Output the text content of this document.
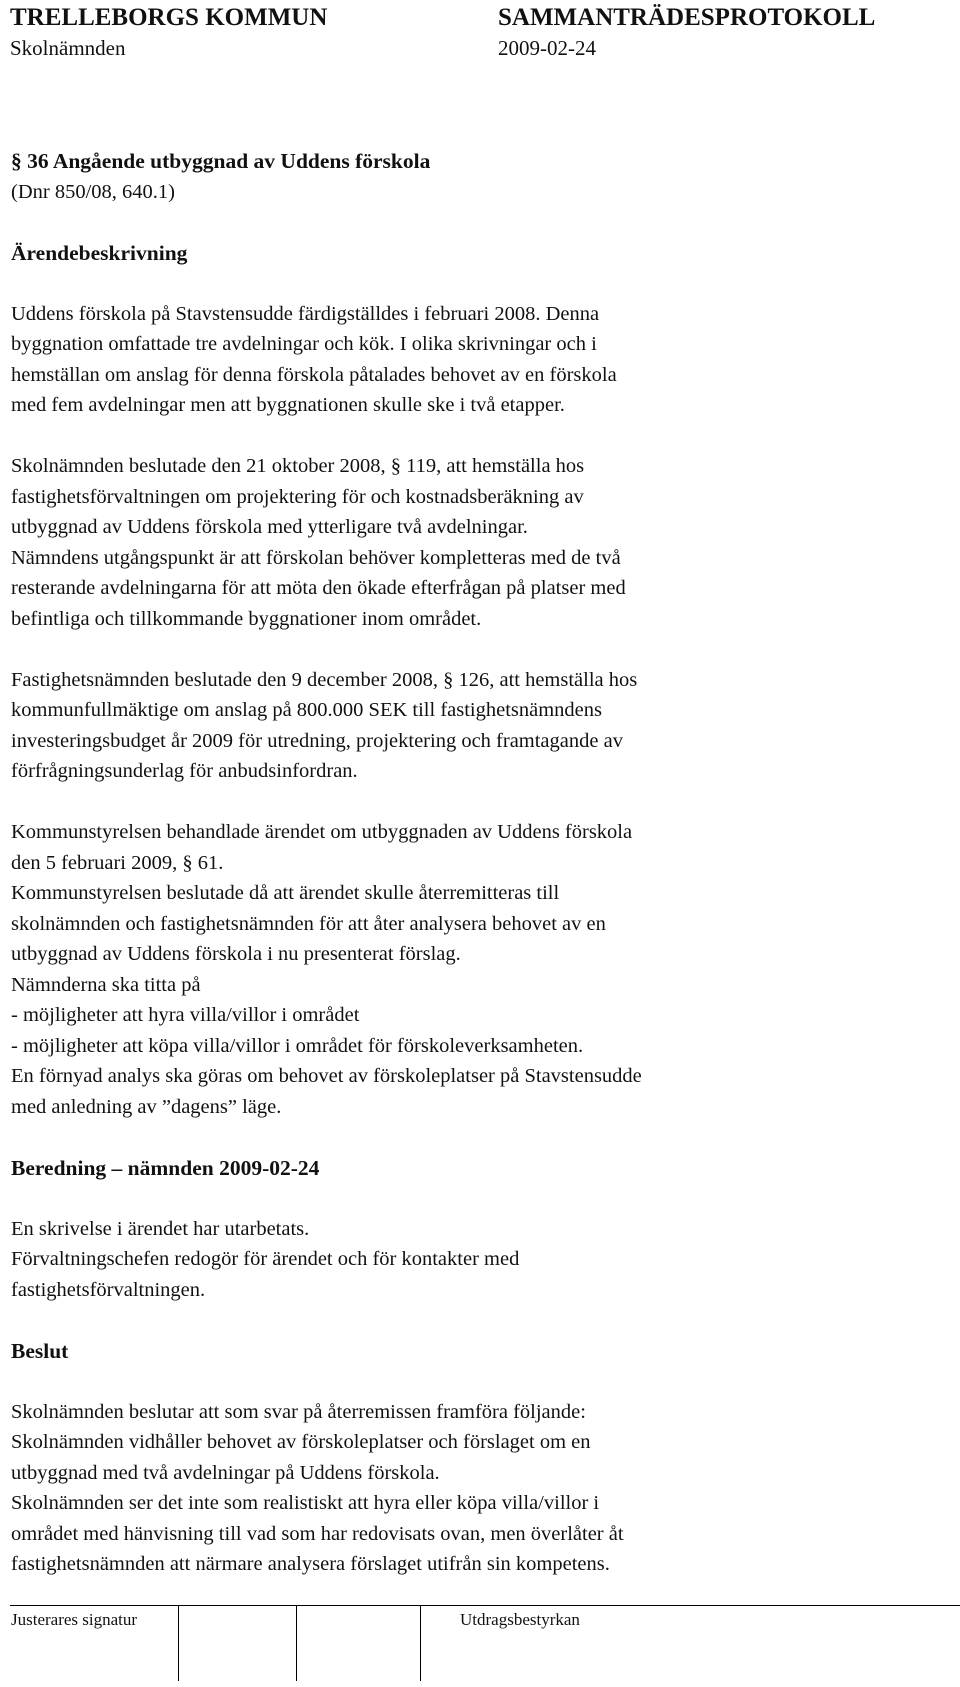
TRELLEBORGS KOMMUN	SAMMANTRÄDESPROTOKOLL
Skolnämnden	2009-02-24
§ 36 Angående utbyggnad av Uddens förskola
(Dnr 850/08, 640.1)
Ärendebeskrivning
Uddens förskola på Stavstensudde färdigställdes i februari 2008. Denna
byggnation omfattade tre avdelningar och kök. I olika skrivningar och i
hemställan om anslag för denna förskola påtalades behovet av en förskola
med fem avdelningar men att byggnationen skulle ske i två etapper.
Skolnämnden beslutade den 21 oktober 2008, § 119, att hemställa hos
fastighetsförvaltningen om projektering för och kostnadsberäkning av
utbyggnad av Uddens förskola med ytterligare två avdelningar.
Nämndens utgångspunkt är att förskolan behöver kompletteras med de två
resterande avdelningarna för att möta den ökade efterfrågan på platser med
befintliga och tillkommande byggnationer inom området.
Fastighetsnämnden beslutade den 9 december 2008, § 126, att hemställa hos
kommunfullmäktige om anslag på 800.000 SEK till fastighetsnämndens
investeringsbudget år 2009 för utredning, projektering och framtagande av
förfrågningsunderlag för anbudsinfordran.
Kommunstyrelsen behandlade ärendet om utbyggnaden av Uddens förskola
den 5 februari 2009, § 61.
Kommunstyrelsen beslutade då att ärendet skulle återremitteras till
skolnämnden och fastighetsnämnden för att åter analysera behovet av en
utbyggnad av Uddens förskola i nu presenterat förslag.
Nämnderna ska titta på
- möjligheter att hyra villa/villor i området
- möjligheter att köpa villa/villor i området för förskoleverksamheten.
En förnyad analys ska göras om behovet av förskoleplatser på Stavstensudde
med anledning av ”dagens” läge.
Beredning – nämnden 2009-02-24
En skrivelse i ärendet har utarbetats.
Förvaltningschefen redogör för ärendet och för kontakter med
fastighetsförvaltningen.
Beslut
Skolnämnden beslutar att som svar på återremissen framföra följande:
Skolnämnden vidhåller behovet av förskoleplatser och förslaget om en
utbyggnad med två avdelningar på Uddens förskola.
Skolnämnden ser det inte som realistiskt att hyra eller köpa villa/villor i
området med hänvisning till vad som har redovisats ovan, men överlåter åt
fastighetsnämnden att närmare analysera förslaget utifrån sin kompetens.
Justerares signatur	Utdragsbestyrkan
